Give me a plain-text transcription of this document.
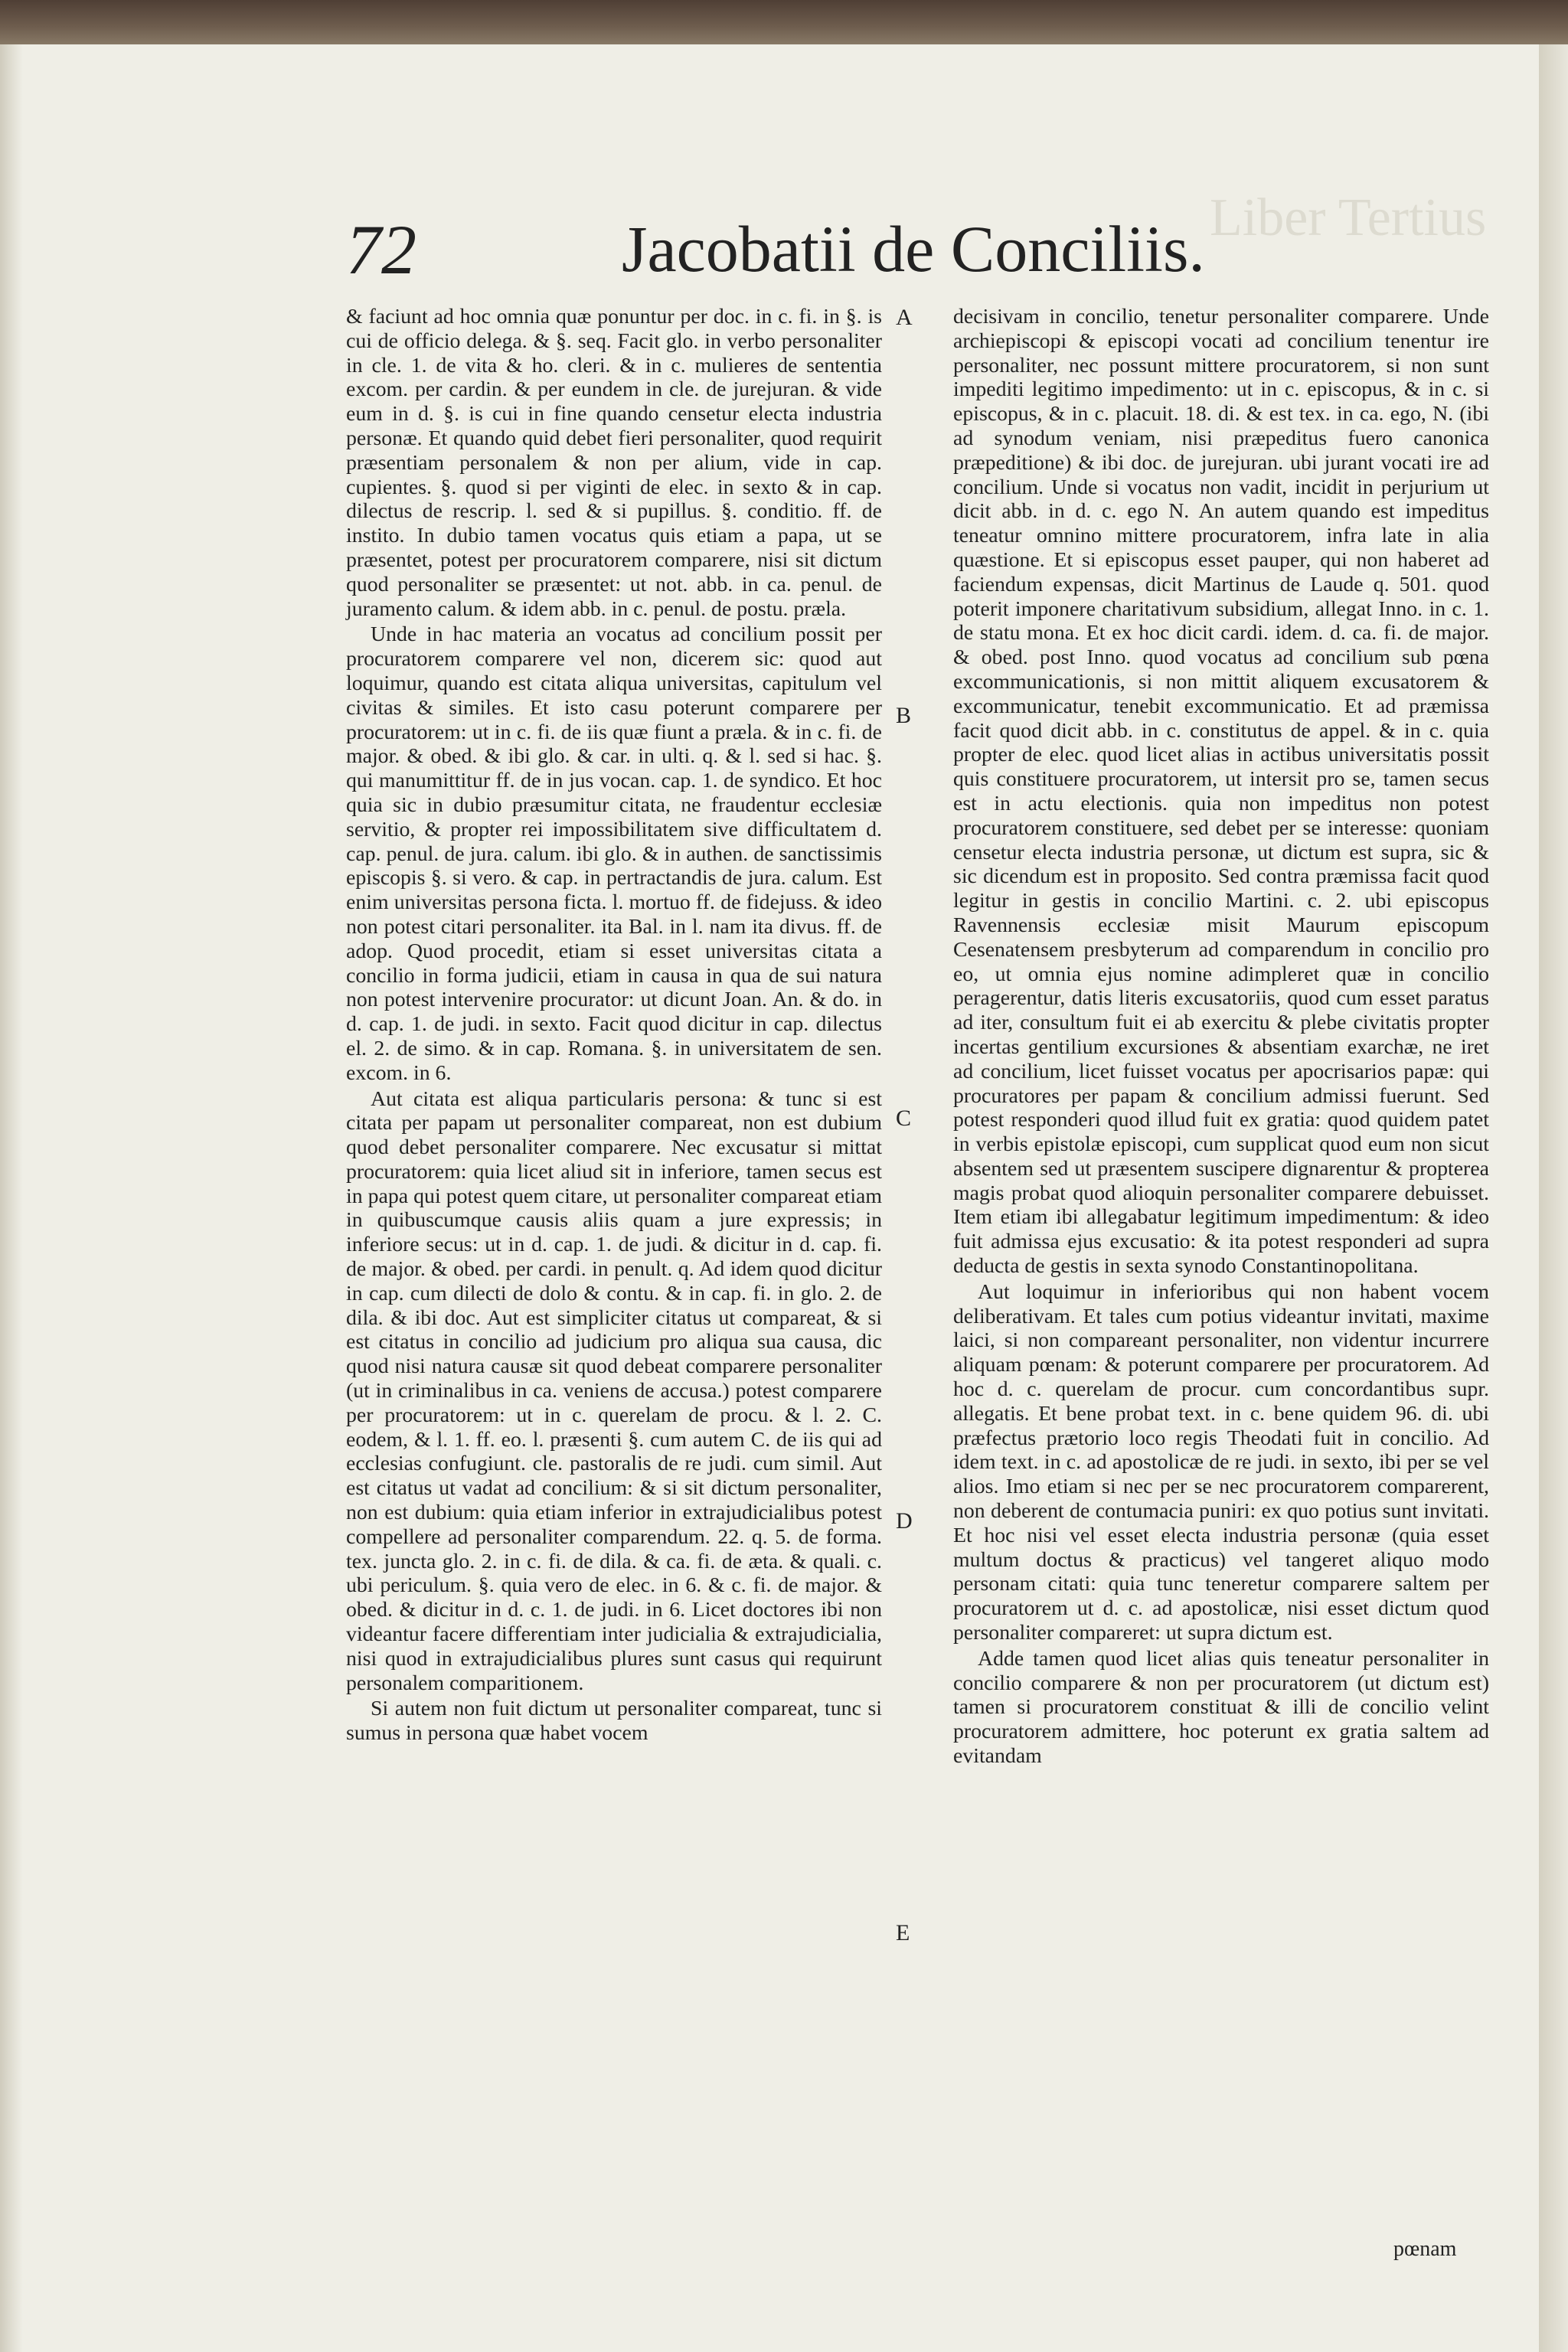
Liber Tertius
72	Jacobatii de Conciliis.

& faciunt ad hoc omnia quæ ponuntur per doc. in c. fi. in §. is cui de officio delega. & §. seq. Facit glo. in verbo personaliter in cle. 1. de vita & ho. cleri. & in c. mulieres de sententia excom. per cardin. & per eundem in cle. de jurejuran. & vide eum in d. §. is cui in fine quando censetur electa industria personæ. Et quando quid debet fieri personaliter, quod requirit præsentiam personalem & non per alium, vide in cap. cupientes. §. quod si per viginti de elec. in sexto & in cap. dilectus de rescrip. l. sed & si pupillus. §. conditio. ff. de instito. In dubio tamen vocatus quis etiam a papa, ut se præsentet, potest per procuratorem comparere, nisi sit dictum quod personaliter se præsentet: ut not. abb. in ca. penul. de juramento calum. & idem abb. in c. penul. de postu. præla.

Unde in hac materia an vocatus ad concilium possit per procuratorem comparere vel non, dicerem sic: quod aut loquimur, quando est citata aliqua universitas, capitulum vel civitas & similes. Et isto casu poterunt comparere per procuratorem: ut in c. fi. de iis quæ fiunt a præla. & in c. fi. de major. & obed. & ibi glo. & car. in ulti. q. & l. sed si hac. §. qui manumittitur ff. de in jus vocan. cap. 1. de syndico. Et hoc quia sic in dubio præsumitur citata, ne fraudentur ecclesiæ servitio, & propter rei impossibilitatem sive difficultatem d. cap. penul. de jura. calum. ibi glo. & in authen. de sanctissimis episcopis §. si vero. & cap. in pertractandis de jura. calum. Est enim universitas persona ficta. l. mortuo ff. de fidejuss. & ideo non potest citari personaliter. ita Bal. in l. nam ita divus. ff. de adop. Quod procedit, etiam si esset universitas citata a concilio in forma judicii, etiam in causa in qua de sui natura non potest intervenire procurator: ut dicunt Joan. An. & do. in d. cap. 1. de judi. in sexto. Facit quod dicitur in cap. dilectus el. 2. de simo. & in cap. Romana. §. in universitatem de sen. excom. in 6.

Aut citata est aliqua particularis persona: & tunc si est citata per papam ut personaliter compareat, non est dubium quod debet personaliter comparere. Nec excusatur si mittat procuratorem: quia licet aliud sit in inferiore, tamen secus est in papa qui potest quem citare, ut personaliter compareat etiam in quibuscumque causis aliis quam a jure expressis; in inferiore secus: ut in d. cap. 1. de judi. & dicitur in d. cap. fi. de major. & obed. per cardi. in penult. q. Ad idem quod dicitur in cap. cum dilecti de dolo & contu. & in cap. fi. in glo. 2. de dila. & ibi doc. Aut est simpliciter citatus ut compareat, & si est citatus in concilio ad judicium pro aliqua sua causa, dic quod nisi natura causæ sit quod debeat comparere personaliter (ut in criminalibus in ca. veniens de accusa.) potest comparere per procuratorem: ut in c. querelam de procu. & l. 2. C. eodem, & l. 1. ff. eo. l. præsenti §. cum autem C. de iis qui ad ecclesias confugiunt. cle. pastoralis de re judi. cum simil. Aut est citatus ut vadat ad concilium: & si sit dictum personaliter, non est dubium: quia etiam inferior in extrajudicialibus potest compellere ad personaliter comparendum. 22. q. 5. de forma. tex. juncta glo. 2. in c. fi. de dila. & ca. fi. de æta. & quali. c. ubi periculum. §. quia vero de elec. in 6. & c. fi. de major. & obed. & dicitur in d. c. 1. de judi. in 6. Licet doctores ibi non videantur facere differentiam inter judicialia & extrajudicialia, nisi quod in extrajudicialibus plures sunt casus qui requirunt personalem comparitionem.

Si autem non fuit dictum ut personaliter compareat, tunc si sumus in persona quæ habet vocem

decisivam in concilio, tenetur personaliter comparere. Unde archiepiscopi & episcopi vocati ad concilium tenentur ire personaliter, nec possunt mittere procuratorem, si non sunt impediti legitimo impedimento: ut in c. episcopus, & in c. si episcopus, & in c. placuit. 18. di. & est tex. in ca. ego, N. (ibi ad synodum veniam, nisi præpeditus fuero canonica præpeditione) & ibi doc. de jurejuran. ubi jurant vocati ire ad concilium. Unde si vocatus non vadit, incidit in perjurium ut dicit abb. in d. c. ego N. An autem quando est impeditus teneatur omnino mittere procuratorem, infra late in alia quæstione. Et si episcopus esset pauper, qui non haberet ad faciendum expensas, dicit Martinus de Laude q. 501. quod poterit imponere charitativum subsidium, allegat Inno. in c. 1. de statu mona. Et ex hoc dicit cardi. idem. d. ca. fi. de major. & obed. post Inno. quod vocatus ad concilium sub pœna excommunicationis, si non mittit aliquem excusatorem & excommunicatur, tenebit excommunicatio. Et ad præmissa facit quod dicit abb. in c. constitutus de appel. & in c. quia propter de elec. quod licet alias in actibus universitatis possit quis constituere procuratorem, ut intersit pro se, tamen secus est in actu electionis. quia non impeditus non potest procuratorem constituere, sed debet per se interesse: quoniam censetur electa industria personæ, ut dictum est supra, sic & sic dicendum est in proposito. Sed contra præmissa facit quod legitur in gestis in concilio Martini. c. 2. ubi episcopus Ravennensis ecclesiæ misit Maurum episcopum Cesenatensem presbyterum ad comparendum in concilio pro eo, ut omnia ejus nomine adimpleret quæ in concilio peragerentur, datis literis excusatoriis, quod cum esset paratus ad iter, consultum fuit ei ab exercitu & plebe civitatis propter incertas gentilium excursiones & absentiam exarchæ, ne iret ad concilium, licet fuisset vocatus per apocrisarios papæ: qui procuratores per papam & concilium admissi fuerunt. Sed potest responderi quod illud fuit ex gratia: quod quidem patet in verbis epistolæ episcopi, cum supplicat quod eum non sicut absentem sed ut præsentem suscipere dignarentur & propterea magis probat quod alioquin personaliter comparere debuisset. Item etiam ibi allegabatur legitimum impedimentum: & ideo fuit admissa ejus excusatio: & ita potest responderi ad supra deducta de gestis in sexta synodo Constantinopolitana.

Aut loquimur in inferioribus qui non habent vocem deliberativam. Et tales cum potius videantur invitati, maxime laici, si non compareant personaliter, non videntur incurrere aliquam pœnam: & poterunt comparere per procuratorem. Ad hoc d. c. querelam de procur. cum concordantibus supr. allegatis. Et bene probat text. in c. bene quidem 96. di. ubi præfectus prætorio loco regis Theodati fuit in concilio. Ad idem text. in c. ad apostolicæ de re judi. in sexto, ibi per se vel alios. Imo etiam si nec per se nec procuratorem comparerent, non deberent de contumacia puniri: ex quo potius sunt invitati. Et hoc nisi vel esset electa industria personæ (quia esset multum doctus & practicus) vel tangeret aliquo modo personam citati: quia tunc teneretur comparere saltem per procuratorem ut d. c. ad apostolicæ, nisi esset dictum quod personaliter compareret: ut supra dictum est.

Adde tamen quod licet alias quis teneatur personaliter in concilio comparere & non per procuratorem (ut dictum est) tamen si procuratorem constituat & illi de concilio velint procuratorem admittere, hoc poterunt ex gratia saltem ad evitandam

A
B
C
D
E
pœnam
